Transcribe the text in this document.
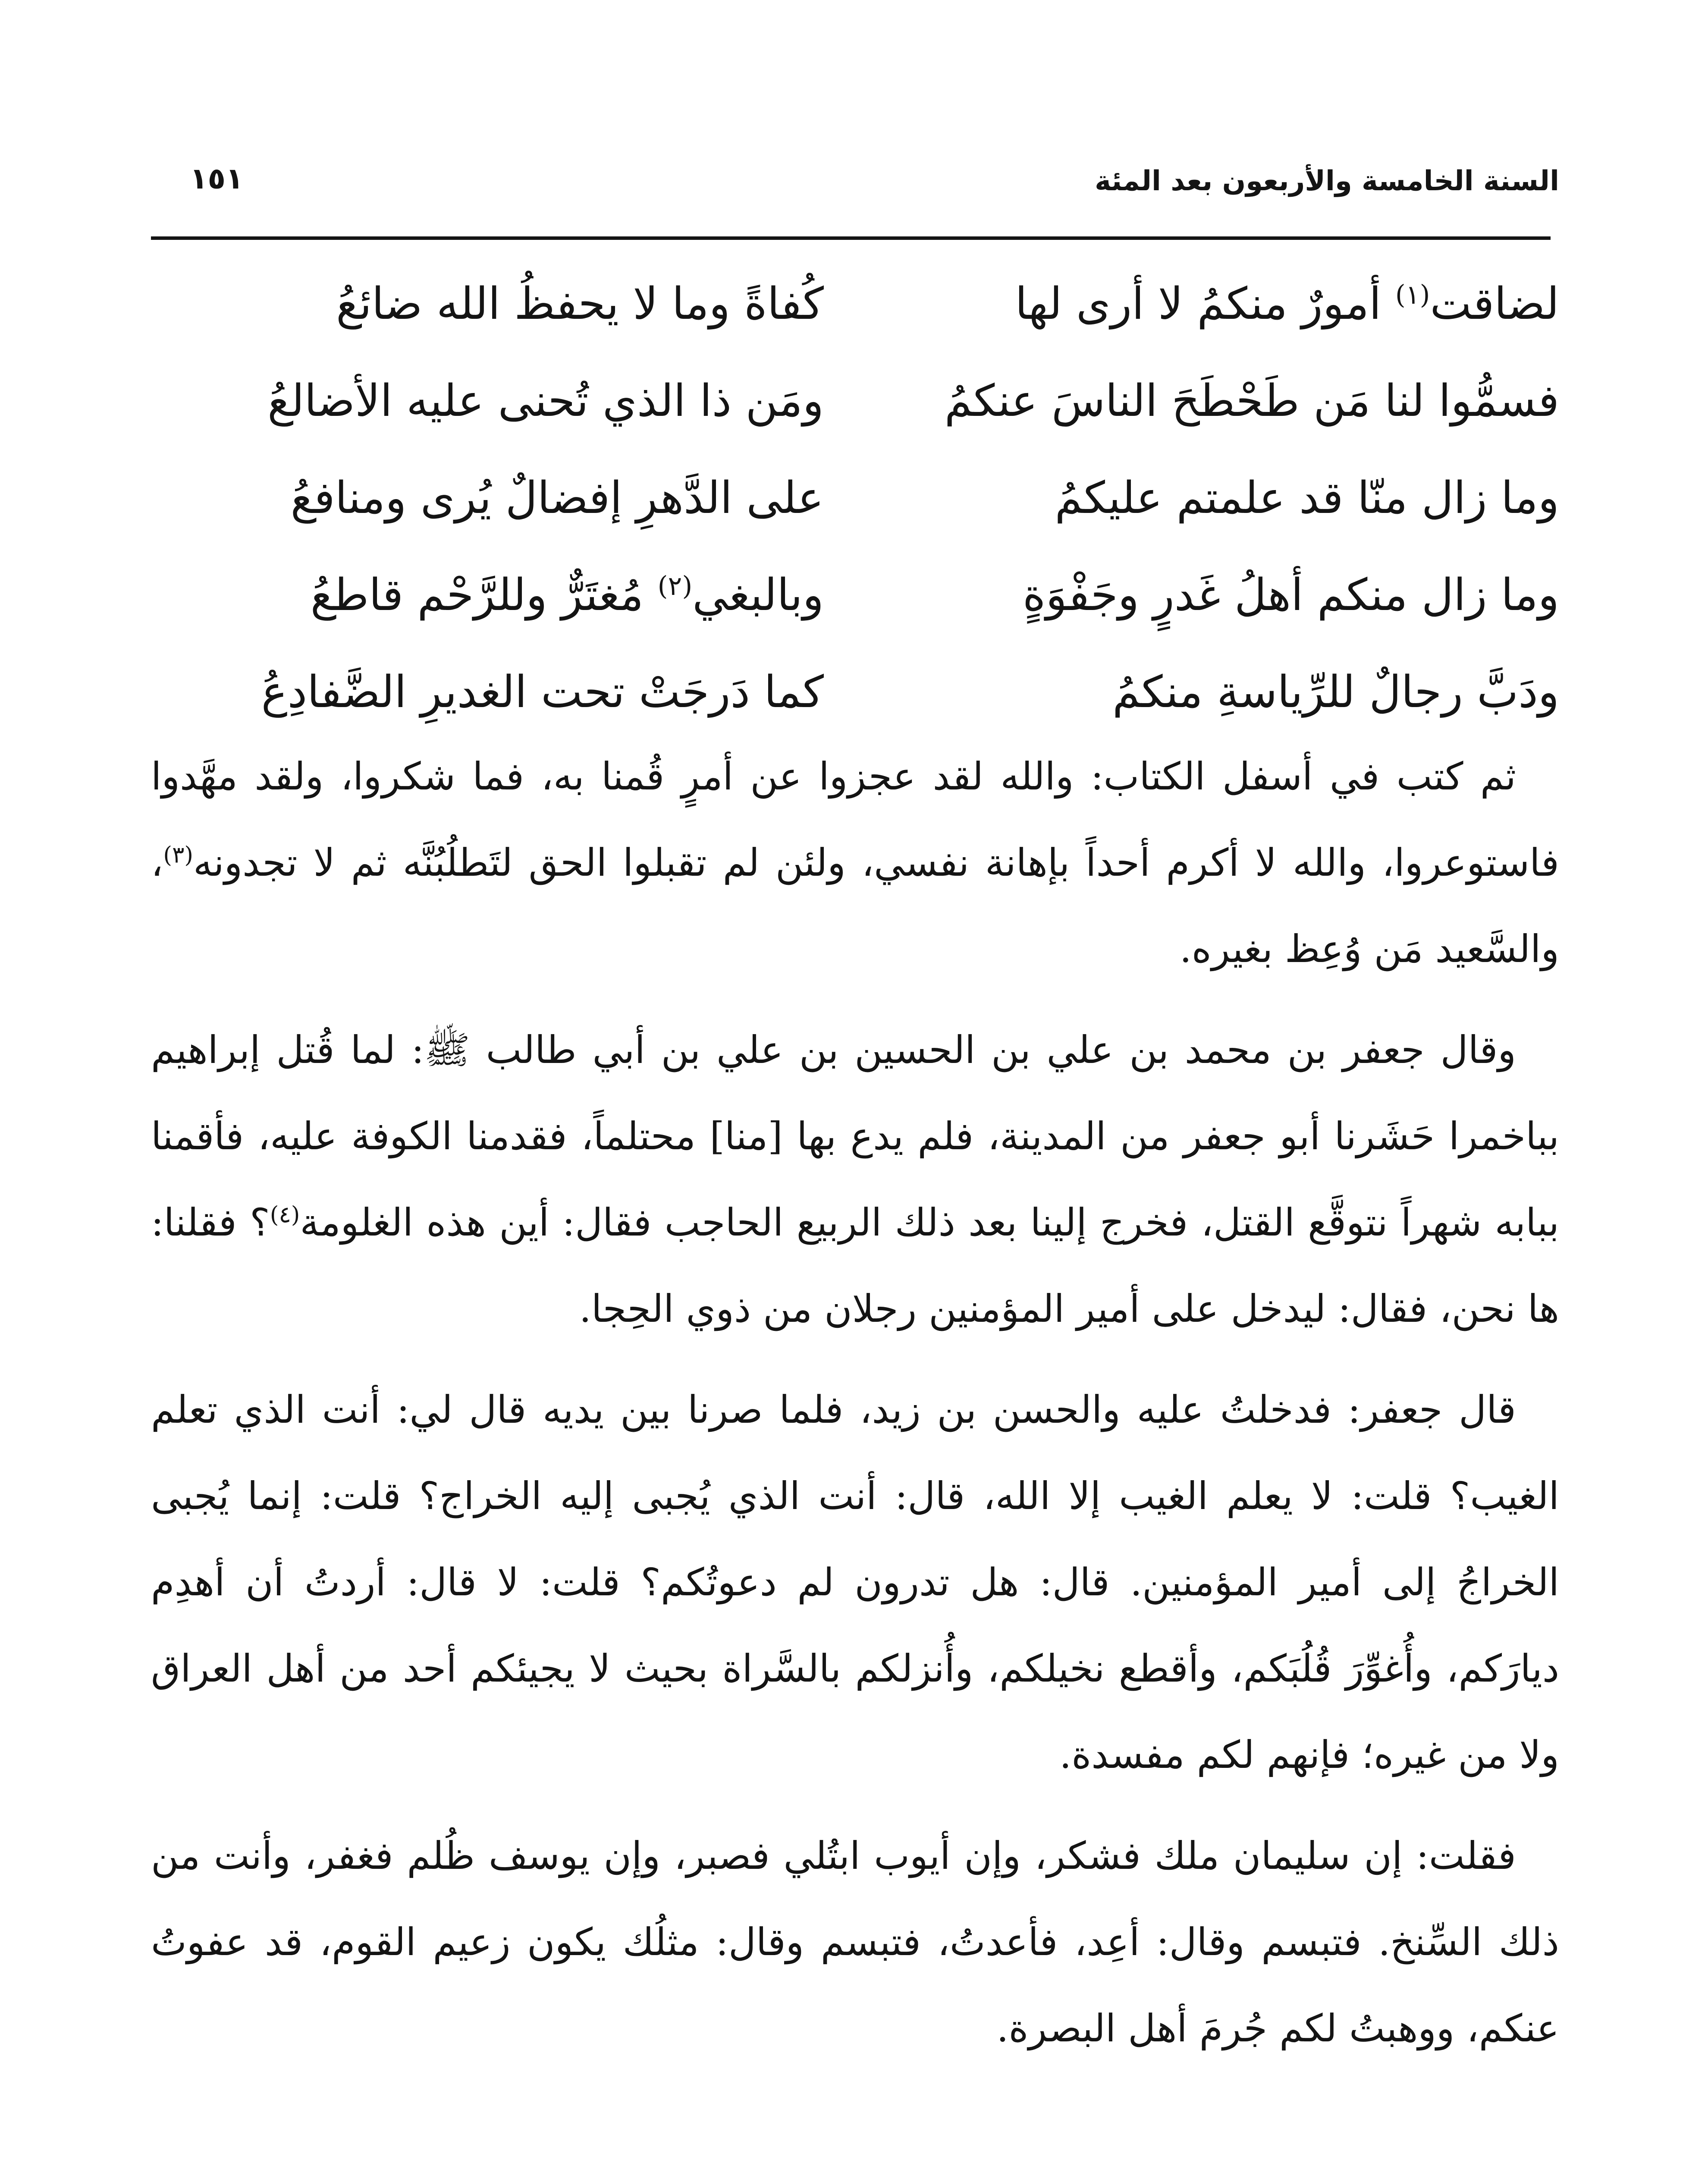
السنة الخامسة والأربعون بعد المئة
١٥١
لضاقت$^{(١)}$ أمورٌ منكمُ لا أرى لها
كُفاةً وما لا يحفظُ الله ضائعُ
فسمُّوا لنا مَن طَحْطَحَ الناسَ عنكمُ
ومَن ذا الذي تُحنى عليه الأضالعُ
وما زال منّا قد علمتم عليكمُ
على الدَّهرِ إفضالٌ يُرى ومنافعُ
وما زال منكم أهلُ غَدرٍ وجَفْوَةٍ
وبالبغي$^{(٢)}$ مُغتَرٌّ وللرَّحْم قاطعُ
ودَبَّ رجالٌ للرِّياسةِ منكمُ
كما دَرجَتْ تحت الغديرِ الضَّفادِعُ

ثم كتب في أسفل الكتاب: والله لقد عجزوا عن أمرٍ قُمنا به، فما شكروا، ولقد مهَّدوا فاستوعروا، والله لا أكرم أحداً بإهانة نفسي، ولئن لم تقبلوا الحق لتَطلُبُنَّه ثم لا تجدونه$^{(٣)}$، والسَّعيد مَن وُعِظ بغيره.

وقال جعفر بن محمد بن علي بن الحسين بن علي بن أبي طالب ﷺ: لما قُتل إبراهيم بباخمرا حَشَرنا أبو جعفر من المدينة، فلم يدع بها [منا] محتلماً، فقدمنا الكوفة عليه، فأقمنا ببابه شهراً نتوقَّع القتل، فخرج إلينا بعد ذلك الربيع الحاجب فقال: أين هذه الغلومة$^{(٤)}$؟ فقلنا: ها نحن، فقال: ليدخل على أمير المؤمنين رجلان من ذوي الحِجا.

قال جعفر: فدخلتُ عليه والحسن بن زيد، فلما صرنا بين يديه قال لي: أنت الذي تعلم الغيب؟ قلت: لا يعلم الغيب إلا الله، قال: أنت الذي يُجبى إليه الخراج؟ قلت: إنما يُجبى الخراجُ إلى أمير المؤمنين. قال: هل تدرون لم دعوتُكم؟ قلت: لا قال: أردتُ أن أهدِم ديارَكم، وأُغوِّرَ قُلُبَكم، وأقطع نخيلكم، وأُنزلكم بالسَّراة بحيث لا يجيئكم أحد من أهل العراق ولا من غيره؛ فإنهم لكم مفسدة.

فقلت: إن سليمان ملك فشكر، وإن أيوب ابتُلي فصبر، وإن يوسف ظُلم فغفر، وأنت من ذلك السِّنخ. فتبسم وقال: أعِد، فأعدتُ، فتبسم وقال: مثلُك يكون زعيم القوم، قد عفوتُ عنكم، ووهبتُ لكم جُرمَ أهل البصرة.
